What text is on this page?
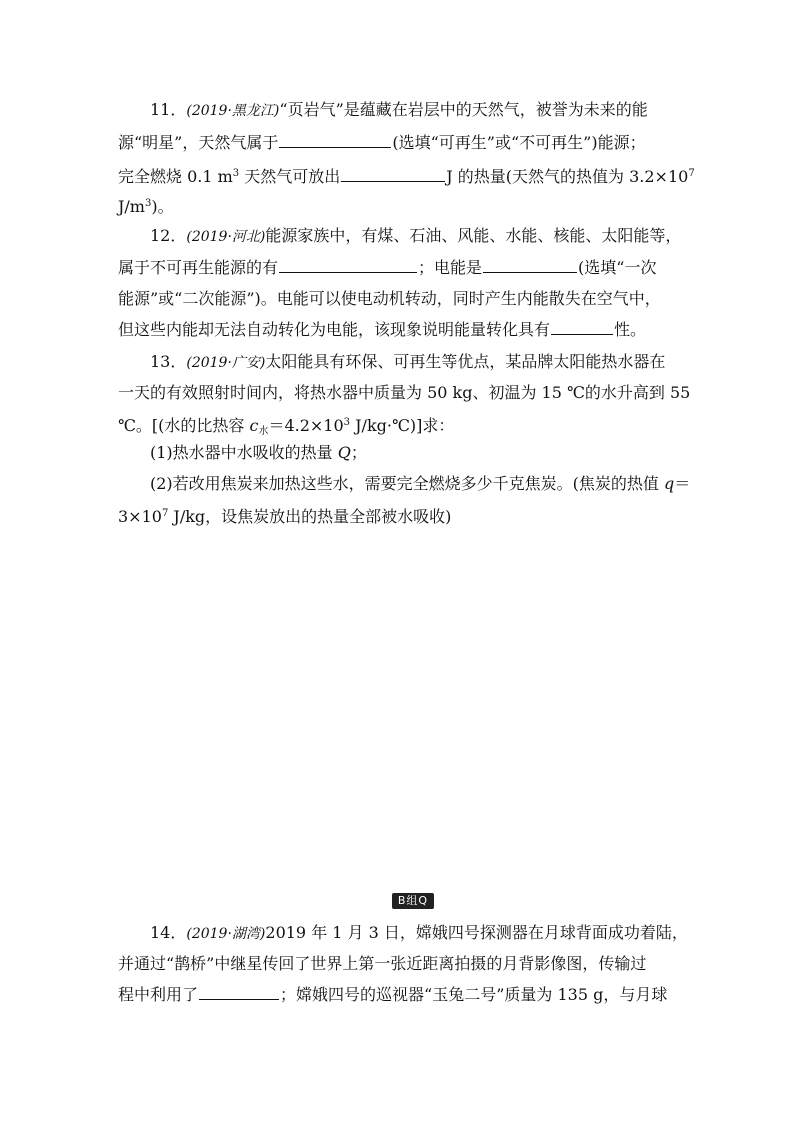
11．(2019·黑龙江)“页岩气”是蕴藏在岩层中的天然气，被誉为未来的能
源“明星”，天然气属于	(选填“可再生”或“不可再生”)能源；
完全燃烧 0.1 $m^3$ 天然气可放出	J 的热量(天然气的热值为 $3.2\times 10^7$
$J/m^3$)。
12．(2019·河北)能源家族中，有煤、石油、风能、水能、核能、太阳能等，
属于不可再生能源的有	；电能是	(选填“一次
能源”或“二次能源”)。电能可以使电动机转动，同时产生内能散失在空气中，
但这些内能却无法自动转化为电能，该现象说明能量转化具有	性。
13．(2019·广安)太阳能具有环保、可再生等优点，某品牌太阳能热水器在
一天的有效照射时间内，将热水器中质量为 50 kg、初温为 15 ℃的水升高到 55
℃。[(水的比热容 $c_水=4.2\times 10^3$ J/kg·℃)]求：
(1)热水器中水吸收的热量 Q；
(2)若改用焦炭来加热这些水，需要完全燃烧多少千克焦炭。(焦炭的热值 q＝
$3\times 10^7$ J/kg，设焦炭放出的热量全部被水吸收)
B组Q
14．(2019·湖湾)2019 年 1 月 3 日，嫦娥四号探测器在月球背面成功着陆，
并通过“鹊桥”中继星传回了世界上第一张近距离拍摄的月背影像图，传输过
程中利用了	；嫦娥四号的巡视器“玉兔二号”质量为 135 g，与月球
